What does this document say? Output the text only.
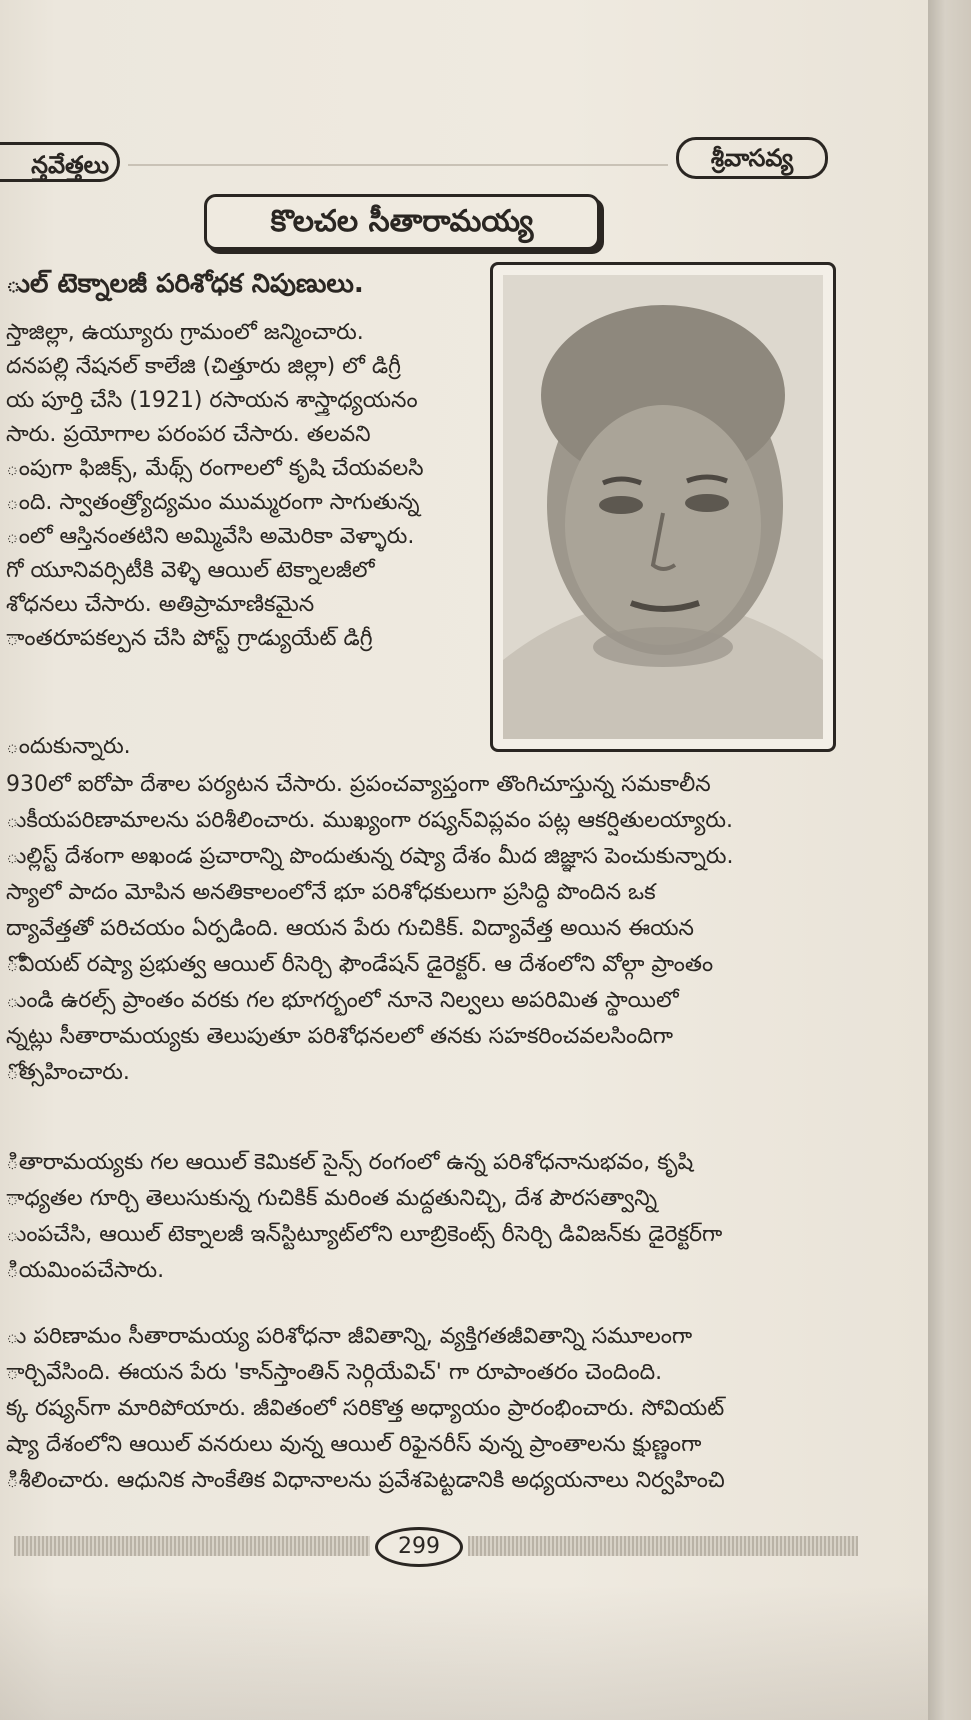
న్తవేత్తలు	శ్రీవాసవ్య
కొలచల సీతారామయ్య
ుల్ టెక్నాలజీ పరిశోధక నిపుణులు.
స్తాజిల్లా, ఉయ్యూరు గ్రామంలో జన్మించారు.
దనపల్లి నేషనల్ కాలేజి (చిత్తూరు జిల్లా) లో డిగ్రీ
య పూర్తి చేసి (1921) రసాయన శాస్త్రాధ్యయనం
సారు. ప్రయోగాల పరంపర చేసారు. తలవని
ంపుగా ఫిజిక్స్, మేథ్స్ రంగాలలో కృషి చేయవలసి
ంది. స్వాతంత్ర్యోద్యమం ముమ్మరంగా సాగుతున్న
ంలో ఆస్తినంతటిని అమ్మివేసి అమెరికా వెళ్ళారు.
గో యూనివర్సిటీకి వెళ్ళి ఆయిల్ టెక్నాలజీలో
శోధనలు చేసారు. అతిప్రామాణికమైన
ాంతరూపకల్పన చేసి పోస్ట్ గ్రాడ్యుయేట్ డిగ్రీ
ందుకున్నారు.
930లో ఐరోపా దేశాల పర్యటన చేసారు. ప్రపంచవ్యాప్తంగా తొంగిచూస్తున్న సమకాలీన
ుకీయపరిణామాలను పరిశీలించారు. ముఖ్యంగా రష్యన్‌విప్లవం పట్ల ఆకర్షితులయ్యారు.
ుల్లిస్ట్ దేశంగా అఖండ ప్రచారాన్ని పొందుతున్న రష్యా దేశం మీద జిజ్ఞాస పెంచుకున్నారు.
స్యాలో పాదం మోపిన అనతికాలంలోనే భూ పరిశోధకులుగా ప్రసిద్ధి పొందిన ఒక
ద్యావేత్తతో పరిచయం ఏర్పడింది. ఆయన పేరు గుచికిక్. విద్యావేత్త అయిన ఈయన
ోవియట్ రష్యా ప్రభుత్వ ఆయిల్ రీసెర్చి ఫౌండేషన్ డైరెక్టర్. ఆ దేశంలోని వోల్గా ప్రాంతం
ుండి ఉరల్స్ ప్రాంతం వరకు గల భూగర్భంలో నూనె నిల్వలు అపరిమిత స్థాయిలో
న్నట్లు సీతారామయ్యకు తెలుపుతూ పరిశోధనలలో తనకు సహకరించవలసిందిగా
ోత్సహించారు.
ితారామయ్యకు గల ఆయిల్ కెమికల్ సైన్స్ రంగంలో ఉన్న పరిశోధనానుభవం, కృషి
ాధ్యతల గూర్చి తెలుసుకున్న గుచికిక్ మరింత మద్దతునిచ్చి, దేశ పౌరసత్వాన్ని
ుంపచేసి, ఆయిల్ టెక్నాలజీ ఇన్‌స్టిట్యూట్‌లోని లూబ్రికెంట్స్ రీసెర్చి డివిజన్‌కు డైరెక్టర్‌గా
ియమింపచేసారు.
ు పరిణామం సీతారామయ్య పరిశోధనా జీవితాన్ని, వ్యక్తిగతజీవితాన్ని సమూలంగా
ార్చివేసింది. ఈయన పేరు 'కాన్‌స్తాంతిన్ సెర్గియేవిచ్' గా రూపాంతరం చెందింది.
క్క రష్యన్‌గా మారిపోయారు. జీవితంలో సరికొత్త అధ్యాయం ప్రారంభించారు. సోవియట్
ష్యా దేశంలోని ఆయిల్ వనరులు వున్న ఆయిల్ రిఫైనరీస్ వున్న ప్రాంతాలను క్షుణ్ణంగా
ిశీలించారు. ఆధునిక సాంకేతిక విధానాలను ప్రవేశపెట్టడానికి అధ్యయనాలు నిర్వహించి
299
